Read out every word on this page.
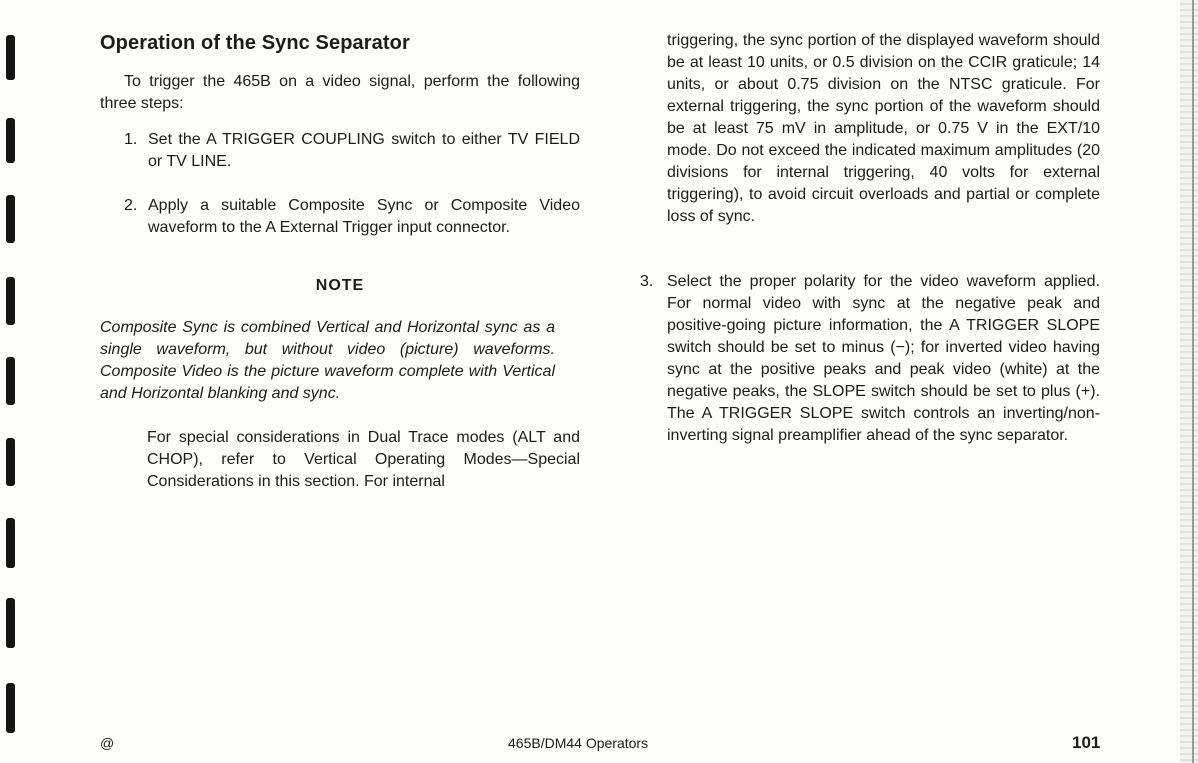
Operation of the Sync Separator

To trigger the 465B on a video signal, perform the following three steps:

1. Set the A TRIGGER COUPLING switch to either TV FIELD or TV LINE.
2. Apply a suitable Composite Sync or Composite Video waveform to the A External Trigger input connector.
NOTE

Composite Sync is combined Vertical and Horizontal sync as a single waveform, but without video (picture) waveforms. Composite Video is the picture waveform complete with Vertical and Horizontal blanking and sync.

For special considerations in Dual Trace modes (ALT and CHOP), refer to Vertical Operating Modes—Special Considerations in this section. For internal

triggering, the sync portion of the displayed waveform should be at least 10 units, or 0.5 division on the CCIR graticule; 14 units, or about 0.75 division on the NTSC graticule. For external triggering, the sync portion of the waveform should be at least 75 mV in amplitude, or 0.75 V in the EXT/10 mode. Do not exceed the indicated maximum amplitudes (20 divisions for internal triggering, 40 volts for external triggering), to avoid circuit overloads and partial or complete loss of sync.

3. Select the proper polarity for the video waveform applied. For normal video with sync at the negative peak and positive-going picture information, the A TRIGGER SLOPE switch should be set to minus (−); for inverted video having sync at the positive peaks and peak video (white) at the negative peaks, the SLOPE switch should be set to plus (+). The A TRIGGER SLOPE switch controls an inverting/non-inverting signal preamplifier ahead of the sync separator.
@	465B/DM44 Operators	101
